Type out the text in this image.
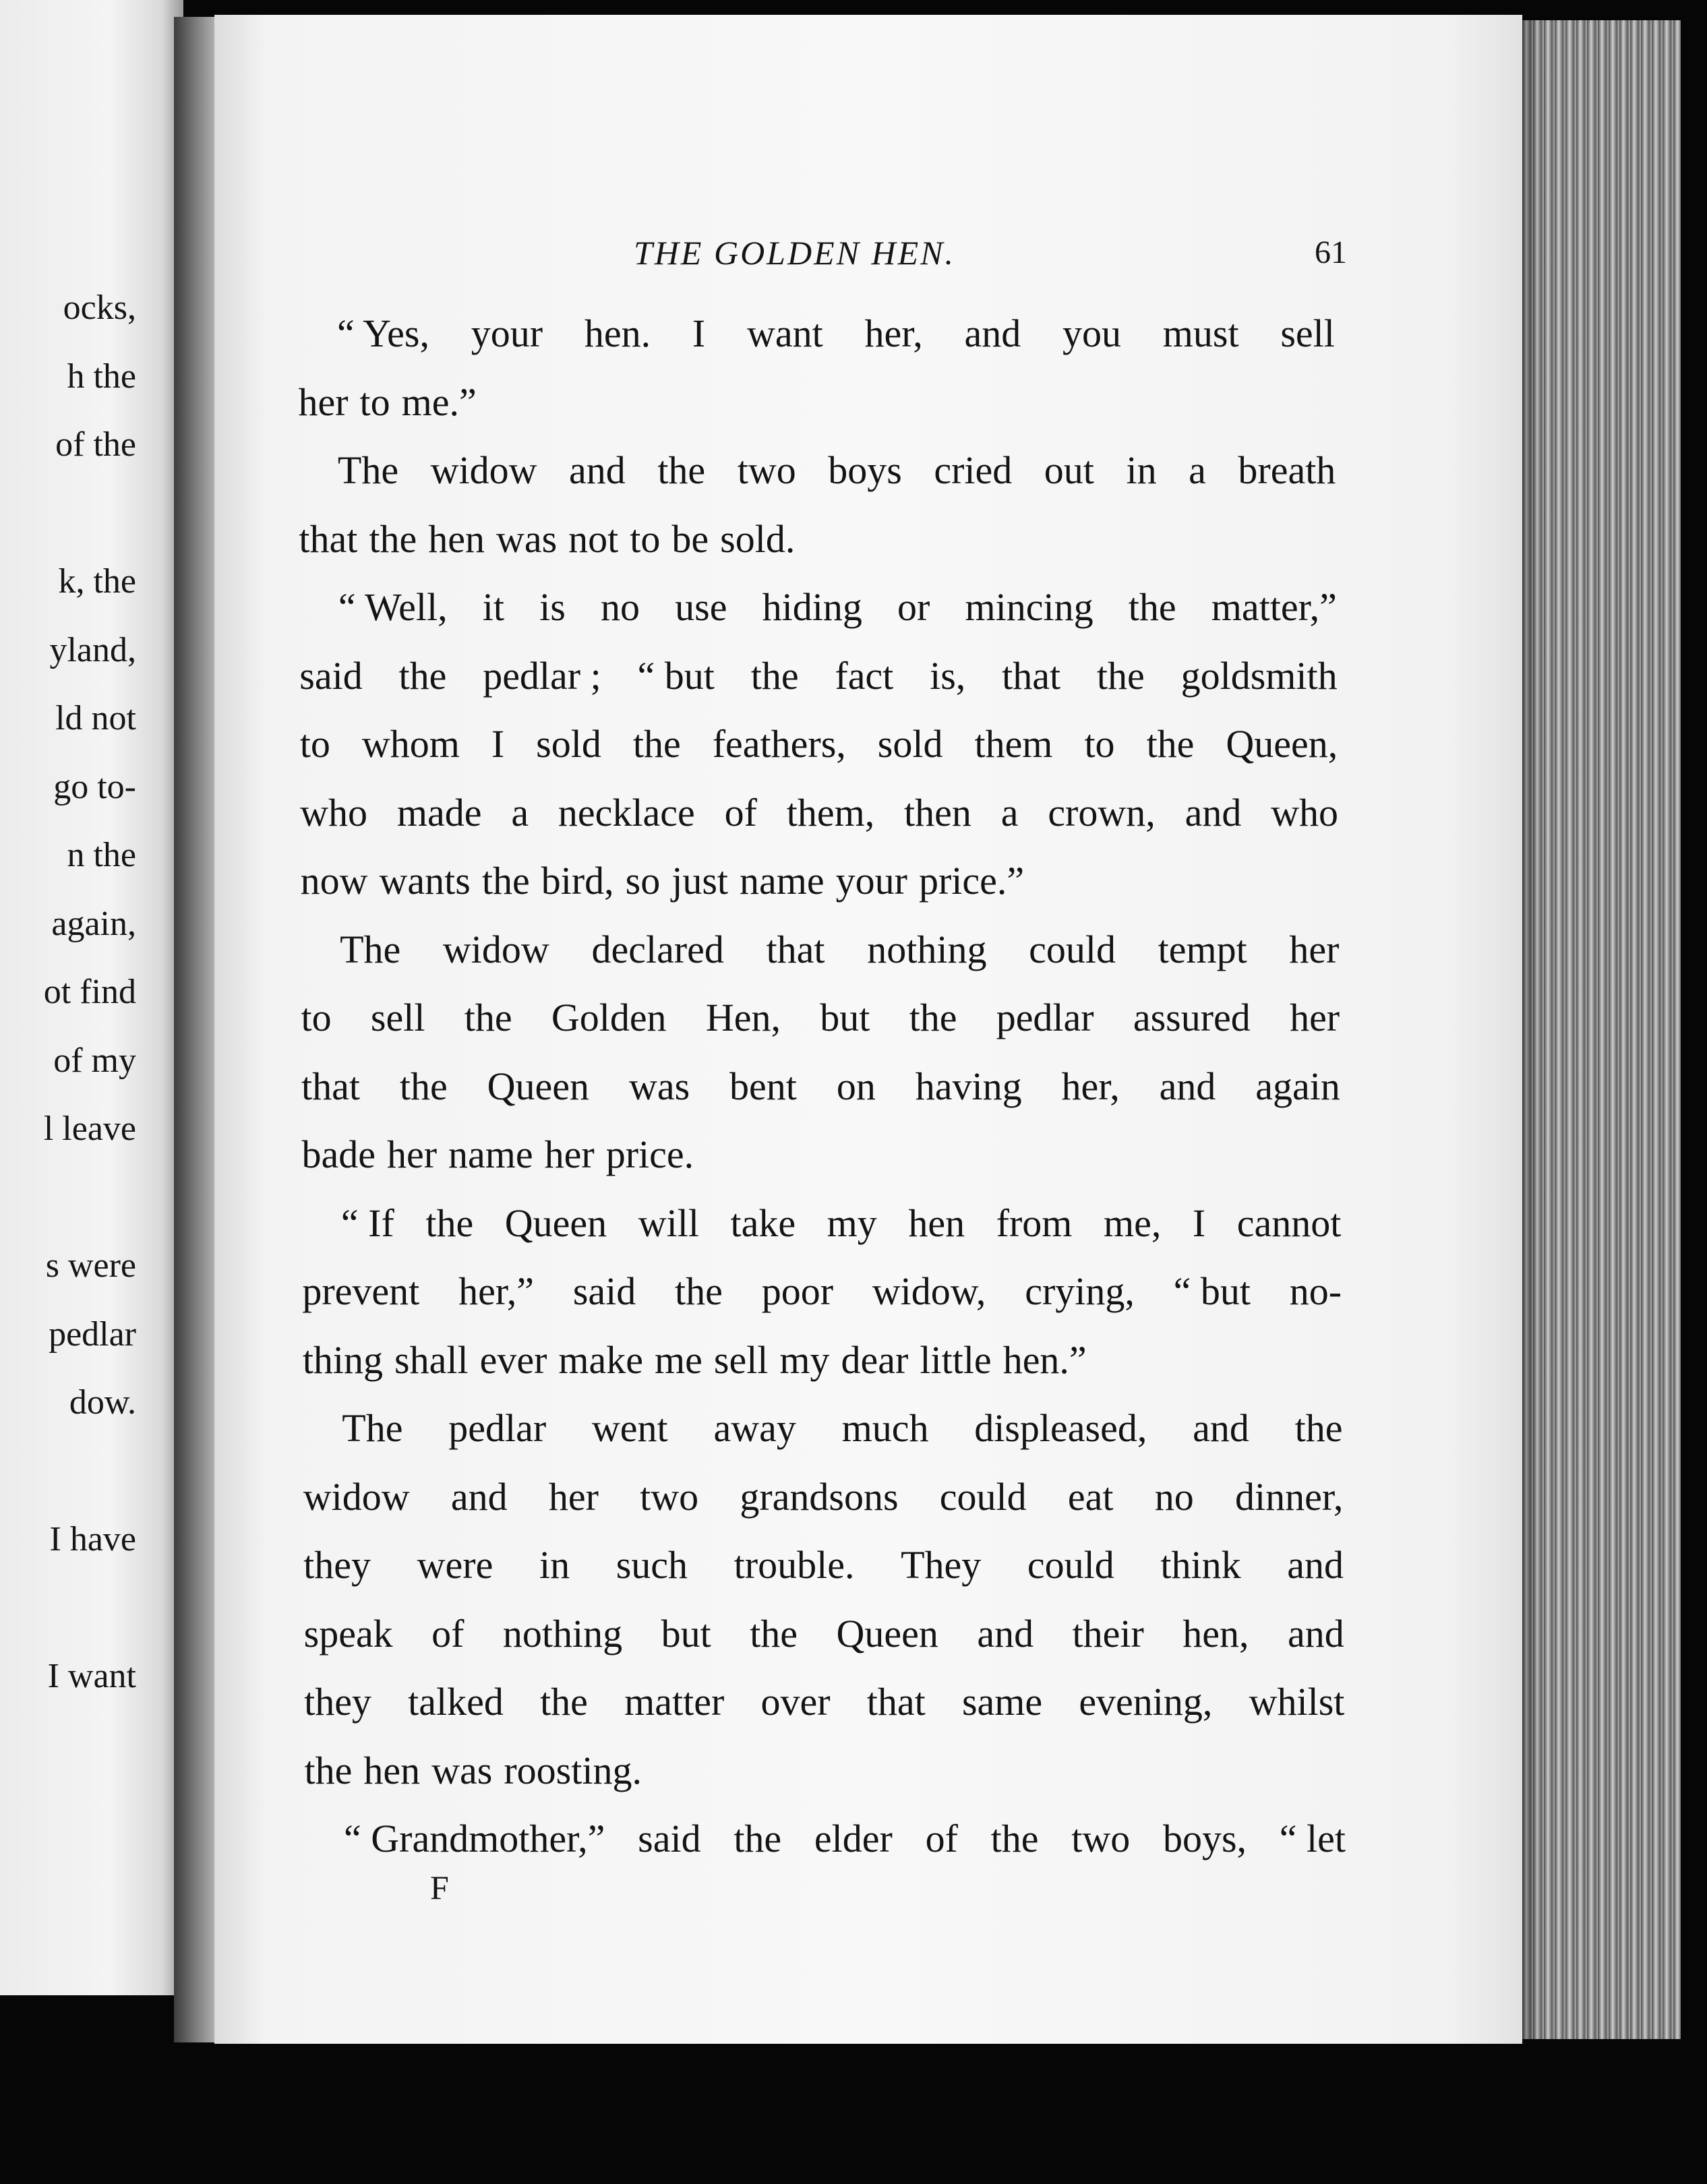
ocks,
h the
of the
k, the
yland,
ld not
go to-
n the
again,
ot find
of my
l leave
s were
pedlar
dow.
I have
I want
THE GOLDEN HEN.	61
F
“ Yes, your hen. I want her, and you must sell
her to me.”
The widow and the two boys cried out in a breath
that the hen was not to be sold.
“ Well, it is no use hiding or mincing the matter,”
said the pedlar ; “ but the fact is, that the goldsmith
to whom I sold the feathers, sold them to the Queen,
who made a necklace of them, then a crown, and who
now wants the bird, so just name your price.”
The widow declared that nothing could tempt her
to sell the Golden Hen, but the pedlar assured her
that the Queen was bent on having her, and again
bade her name her price.
“ If the Queen will take my hen from me, I cannot
prevent her,” said the poor widow, crying, “ but no-
thing shall ever make me sell my dear little hen.”
The pedlar went away much displeased, and the
widow and her two grandsons could eat no dinner,
they were in such trouble. They could think and
speak of nothing but the Queen and their hen, and
they talked the matter over that same evening, whilst
the hen was roosting.
“ Grandmother,” said the elder of the two boys, “ let
